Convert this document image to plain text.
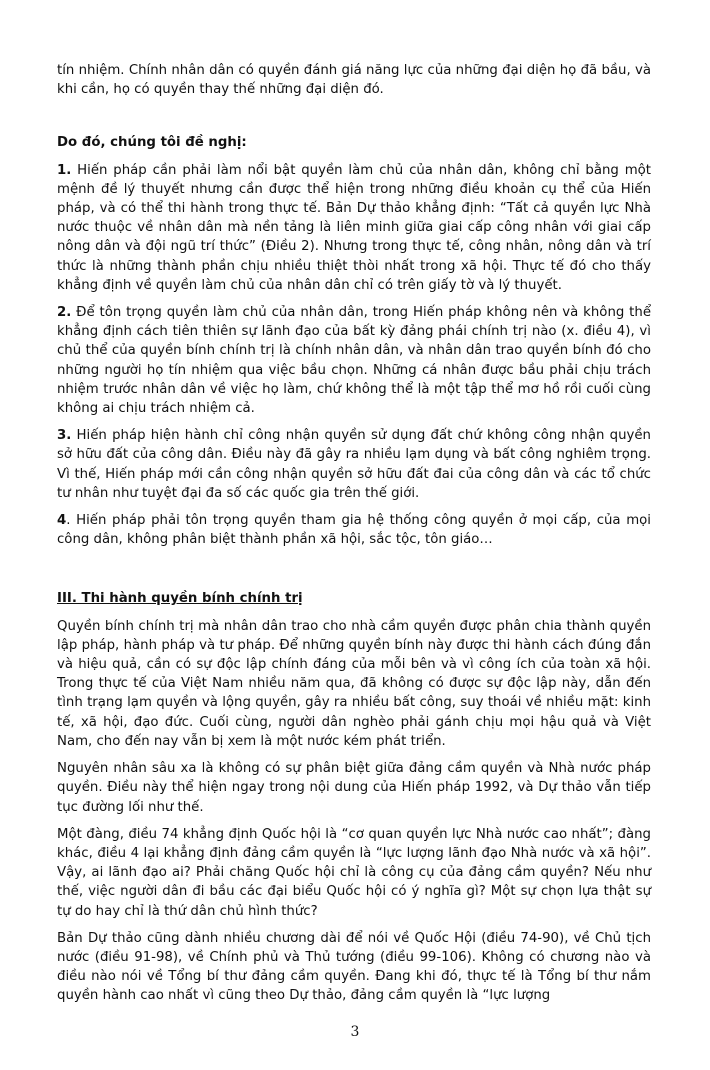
tín nhiệm. Chính nhân dân có quyền đánh giá năng lực của những đại diện họ đã bầu, và khi cần, họ có quyền thay thế những đại diện đó.

Do đó, chúng tôi đề nghị:

1. Hiến pháp cần phải làm nổi bật quyền làm chủ của nhân dân, không chỉ bằng một mệnh đề lý thuyết nhưng cần được thể hiện trong những điều khoản cụ thể của Hiến pháp, và có thể thi hành trong thực tế. Bản Dự thảo khẳng định: “Tất cả quyền lực Nhà nước thuộc về nhân dân mà nền tảng là liên minh giữa giai cấp công nhân với giai cấp nông dân và đội ngũ trí thức” (Điều 2). Nhưng trong thực tế, công nhân, nông dân và trí thức là những thành phần chịu nhiều thiệt thòi nhất trong xã hội. Thực tế đó cho thấy khẳng định về quyền làm chủ của nhân dân chỉ có trên giấy tờ và lý thuyết.

2. Để tôn trọng quyền làm chủ của nhân dân, trong Hiến pháp không nên và không thể khẳng định cách tiên thiên sự lãnh đạo của bất kỳ đảng phái chính trị nào (x. điều 4), vì chủ thể của quyền bính chính trị là chính nhân dân, và nhân dân trao quyền bính đó cho những người họ tín nhiệm qua việc bầu chọn. Những cá nhân được bầu phải chịu trách nhiệm trước nhân dân về việc họ làm, chứ không thể là một tập thể mơ hồ rồi cuối cùng không ai chịu trách nhiệm cả.

3. Hiến pháp hiện hành chỉ công nhận quyền sử dụng đất chứ không công nhận quyền sở hữu đất của công dân. Điều này đã gây ra nhiều lạm dụng và bất công nghiêm trọng. Vì thế, Hiến pháp mới cần công nhận quyền sở hữu đất đai của công dân và các tổ chức tư nhân như tuyệt đại đa số các quốc gia trên thế giới.

4. Hiến pháp phải tôn trọng quyền tham gia hệ thống công quyền ở mọi cấp, của mọi công dân, không phân biệt thành phần xã hội, sắc tộc, tôn giáo…

III. Thi hành quyền bính chính trị

Quyền bính chính trị mà nhân dân trao cho nhà cầm quyền được phân chia thành quyền lập pháp, hành pháp và tư pháp. Để những quyền bính này được thi hành cách đúng đắn và hiệu quả, cần có sự độc lập chính đáng của mỗi bên và vì công ích của toàn xã hội. Trong thực tế của Việt Nam nhiều năm qua, đã không có được sự độc lập này, dẫn đến tình trạng lạm quyền và lộng quyền, gây ra nhiều bất công, suy thoái về nhiều mặt: kinh tế, xã hội, đạo đức. Cuối cùng, người dân nghèo phải gánh chịu mọi hậu quả và Việt Nam, cho đến nay vẫn bị xem là một nước kém phát triển.

Nguyên nhân sâu xa là không có sự phân biệt giữa đảng cầm quyền và Nhà nước pháp quyền. Điều này thể hiện ngay trong nội dung của Hiến pháp 1992, và Dự thảo vẫn tiếp tục đường lối như thế.

Một đàng, điều 74 khẳng định Quốc hội là “cơ quan quyền lực Nhà nước cao nhất”; đàng khác, điều 4 lại khẳng định đảng cầm quyền là “lực lượng lãnh đạo Nhà nước và xã hội”. Vậy, ai lãnh đạo ai? Phải chăng Quốc hội chỉ là công cụ của đảng cầm quyền? Nếu như thế, việc người dân đi bầu các đại biểu Quốc hội có ý nghĩa gì? Một sự chọn lựa thật sự tự do hay chỉ là thứ dân chủ hình thức?

Bản Dự thảo cũng dành nhiều chương dài để nói về Quốc Hội (điều 74-90), về Chủ tịch nước (điều 91-98), về Chính phủ và Thủ tướng (điều 99-106). Không có chương nào và điều nào nói về Tổng bí thư đảng cầm quyền. Đang khi đó, thực tế là Tổng bí thư nắm quyền hành cao nhất vì cũng theo Dự thảo, đảng cầm quyền là “lực lượng

3
